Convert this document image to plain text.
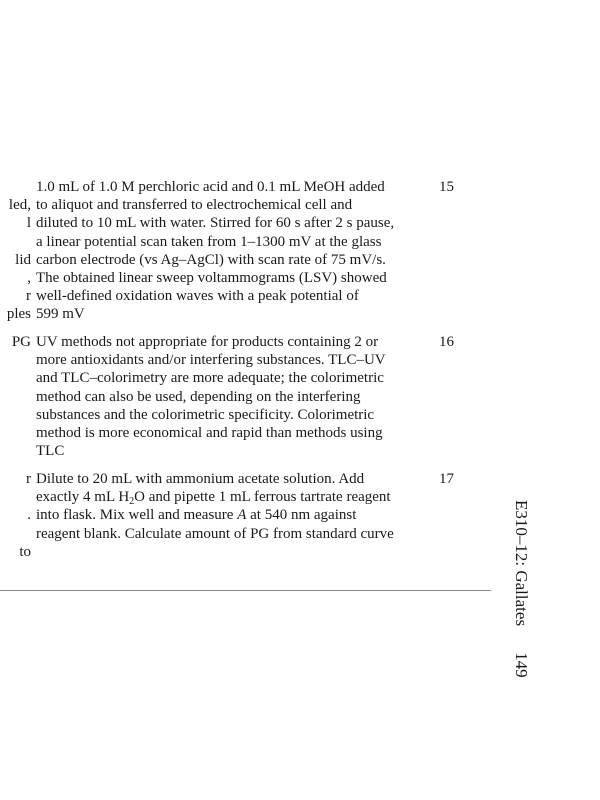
led,
l
lid
,
r
ples
1.0 mL of 1.0 M perchloric acid and 0.1 mL MeOH added
to aliquot and transferred to electrochemical cell and
diluted to 10 mL with water. Stirred for 60 s after 2 s pause,
a linear potential scan taken from 1–1300 mV at the glass
carbon electrode (vs Ag–AgCl) with scan rate of 75 mV/s.
The obtained linear sweep voltammograms (LSV) showed
well-defined oxidation waves with a peak potential of
599 mV
15
PG UV methods not appropriate for products containing 2 or
more antioxidants and/or interfering substances. TLC–UV
and TLC–colorimetry are more adequate; the colorimetric
method can also be used, depending on the interfering
substances and the colorimetric specificity. Colorimetric
method is more economical and rapid than methods using
TLC
16
r
.
to
Dilute to 20 mL with ammonium acetate solution. Add
exactly 4 mL $H_2O$ and pipette 1 mL ferrous tartrate reagent
into flask. Mix well and measure A at 540 nm against
reagent blank. Calculate amount of PG from standard curve
17
E310–12: Gallates149
